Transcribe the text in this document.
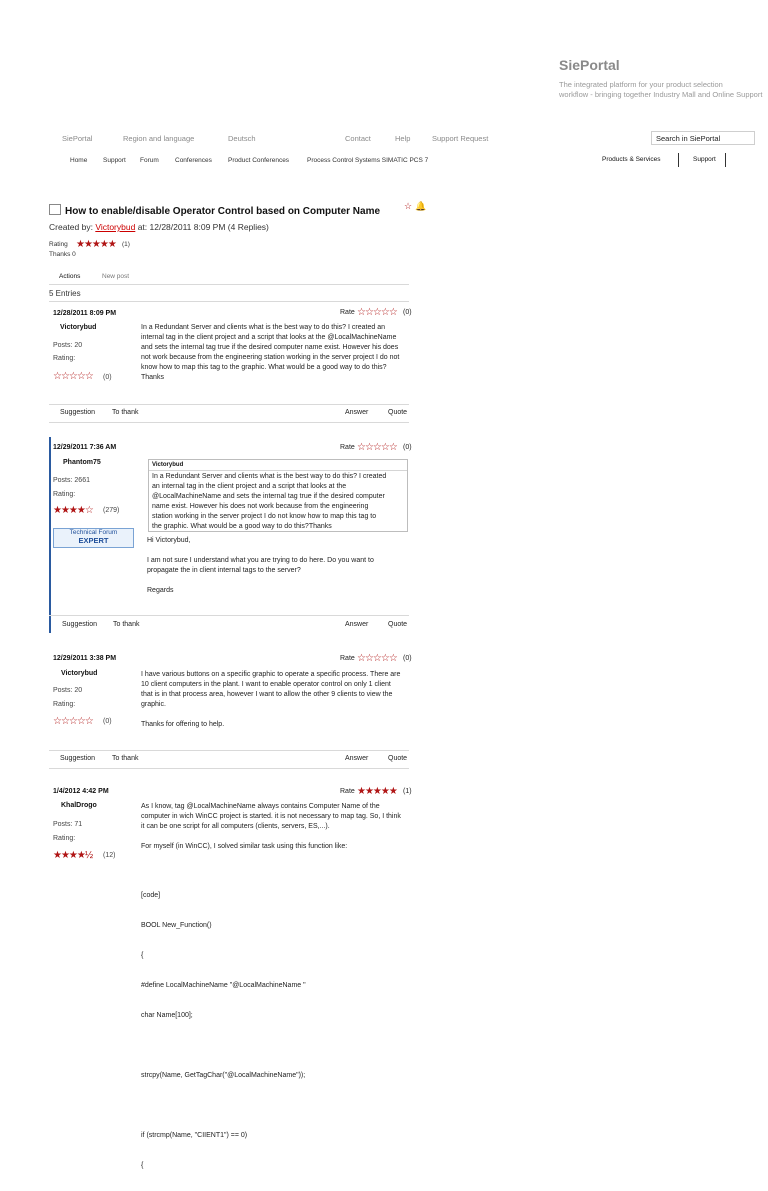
SiePortal
The integrated platform for your product selection
workflow - bringing together Industry Mall and Online Support
SiePortal	Region and language	Deutsch	Contact	Help	Support Request	Search in SiePortal
Home Support Forum Conferences Product Conferences	Process Control Systems SIMATIC PCS 7	Products & Services	Support
How to enable/disable Operator Control based on Computer Name	☆ 🔔
Created by: Victorybud at: 12/28/2011 8:09 PM (4 Replies)
Rating ★★★★★ (1)
Thanks 0
Actions	New post
5 Entries
12/28/2011 8:09 PM	Rate ☆☆☆☆☆ (0)
Victorybud
Posts: 20
Rating:
☆☆☆☆☆ (0)
In a Redundant Server and clients what is the best way to do this? I created an
internal tag in the client project and a script that looks at the @LocalMachineName
and sets the internal tag true if the desired computer name exist. However his does
not work because from the engineering station working in the server project I do not
know how to map this tag to the graphic. What would be a good way to do this?
Thanks
Suggestion To thank	Answer	Quote
12/29/2011 7:36 AM	Rate ☆☆☆☆☆ (0)
Phantom75
Posts: 2661
Rating:
★★★★☆ (279)
Technical Forum
EXPERT
Victorybud
In a Redundant Server and clients what is the best way to do this? I created
an internal tag in the client project and a script that looks at the
@LocalMachineName and sets the internal tag true if the desired computer
name exist. However his does not work because from the engineering
station working in the server project I do not know how to map this tag to
the graphic. What would be a good way to do this?Thanks
Hi Victorybud,
I am not sure I understand what you are trying to do here. Do you want to
propagate the in client internal tags to the server?
Regards
Suggestion To thank	Answer	Quote
12/29/2011 3:38 PM	Rate ☆☆☆☆☆ (0)
Victorybud
Posts: 20
Rating:
☆☆☆☆☆ (0)
I have various buttons on a specific graphic to operate a specific process. There are
10 client computers in the plant. I want to enable operator control on only 1 client
that is in that process area, however I want to allow the other 9 clients to view the
graphic.
Thanks for offering to help.
Suggestion To thank	Answer	Quote
1/4/2012 4:42 PM	Rate ★★★★★ (1)
KhalDrogo
Posts: 71
Rating:
★★★★½ (12)
As I know, tag @LocalMachineName always contains Computer Name of the
computer in wich WinCC project is started. it is not necessary to map tag. So, I think
it can be one script for all computers (clients, servers, ES,...).
For myself (in WinCC), I solved similar task using this function like:

[code]

BOOL New_Function()

{

#define LocalMachineName "@LocalMachineName "

char Name[100];

strcpy(Name, GetTagChar("@LocalMachineName"));

if (strcmp(Name, "CIIENT1") == 0)

{
